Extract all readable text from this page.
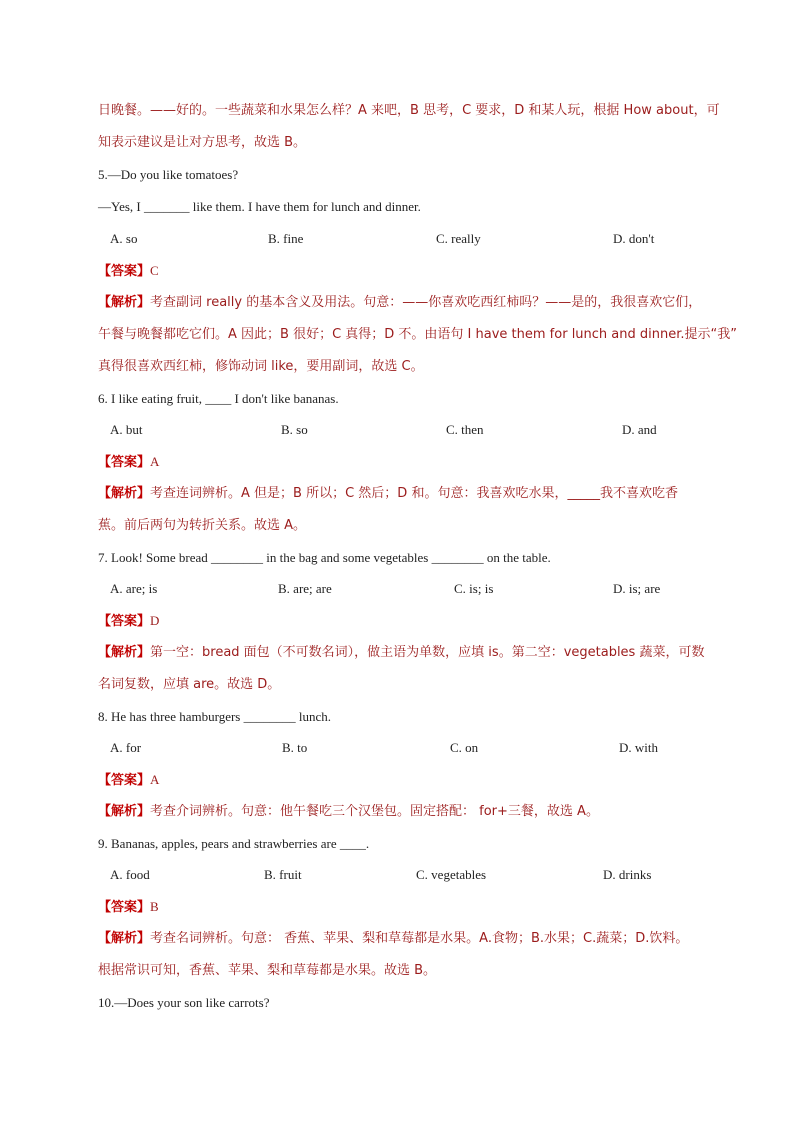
日晚餐。——好的。一些蔬菜和水果怎么样？A 来吧，B 思考，C 要求，D 和某人玩，根据 How about，可
知表示建议是让对方思考，故选 B。
5.—Do you like tomatoes?
—Yes, I _______ like them. I have them for lunch and dinner.
A. so	B. fine	C. really	D. don't
【答案】C
【解析】考查副词 really 的基本含义及用法。句意：——你喜欢吃西红柿吗？——是的，我很喜欢它们，
午餐与晚餐都吃它们。A 因此；B 很好；C 真得；D 不。由语句 I have them for lunch and dinner.提示“我”
真得很喜欢西红柿，修饰动词 like，要用副词，故选 C。
6. I like eating fruit, ____ I don't like bananas.
A. but	B. so	C. then	D. and
【答案】A
【解析】考查连词辨析。A 但是；B 所以；C 然后；D 和。句意：我喜欢吃水果，_____我不喜欢吃香
蕉。前后两句为转折关系。故选 A。
7. Look! Some bread ________ in the bag and some vegetables ________ on the table.
A. are; is	B. are; are	C. is; is	D. is; are
【答案】D
【解析】第一空：bread 面包（不可数名词），做主语为单数，应填 is。第二空：vegetables 蔬菜，可数
名词复数，应填 are。故选 D。
8. He has three hamburgers ________ lunch.
A. for	B. to	C. on	D. with
【答案】A
【解析】考查介词辨析。句意：他午餐吃三个汉堡包。固定搭配： for+三餐，故选 A。
9. Bananas, apples, pears and strawberries are ____.
A. food	B. fruit	C. vegetables	D. drinks
【答案】B
【解析】考查名词辨析。句意： 香蕉、苹果、梨和草莓都是水果。A.食物；B.水果；C.蔬菜；D.饮料。
根据常识可知，香蕉、苹果、梨和草莓都是水果。故选 B。
10.—Does your son like carrots?
